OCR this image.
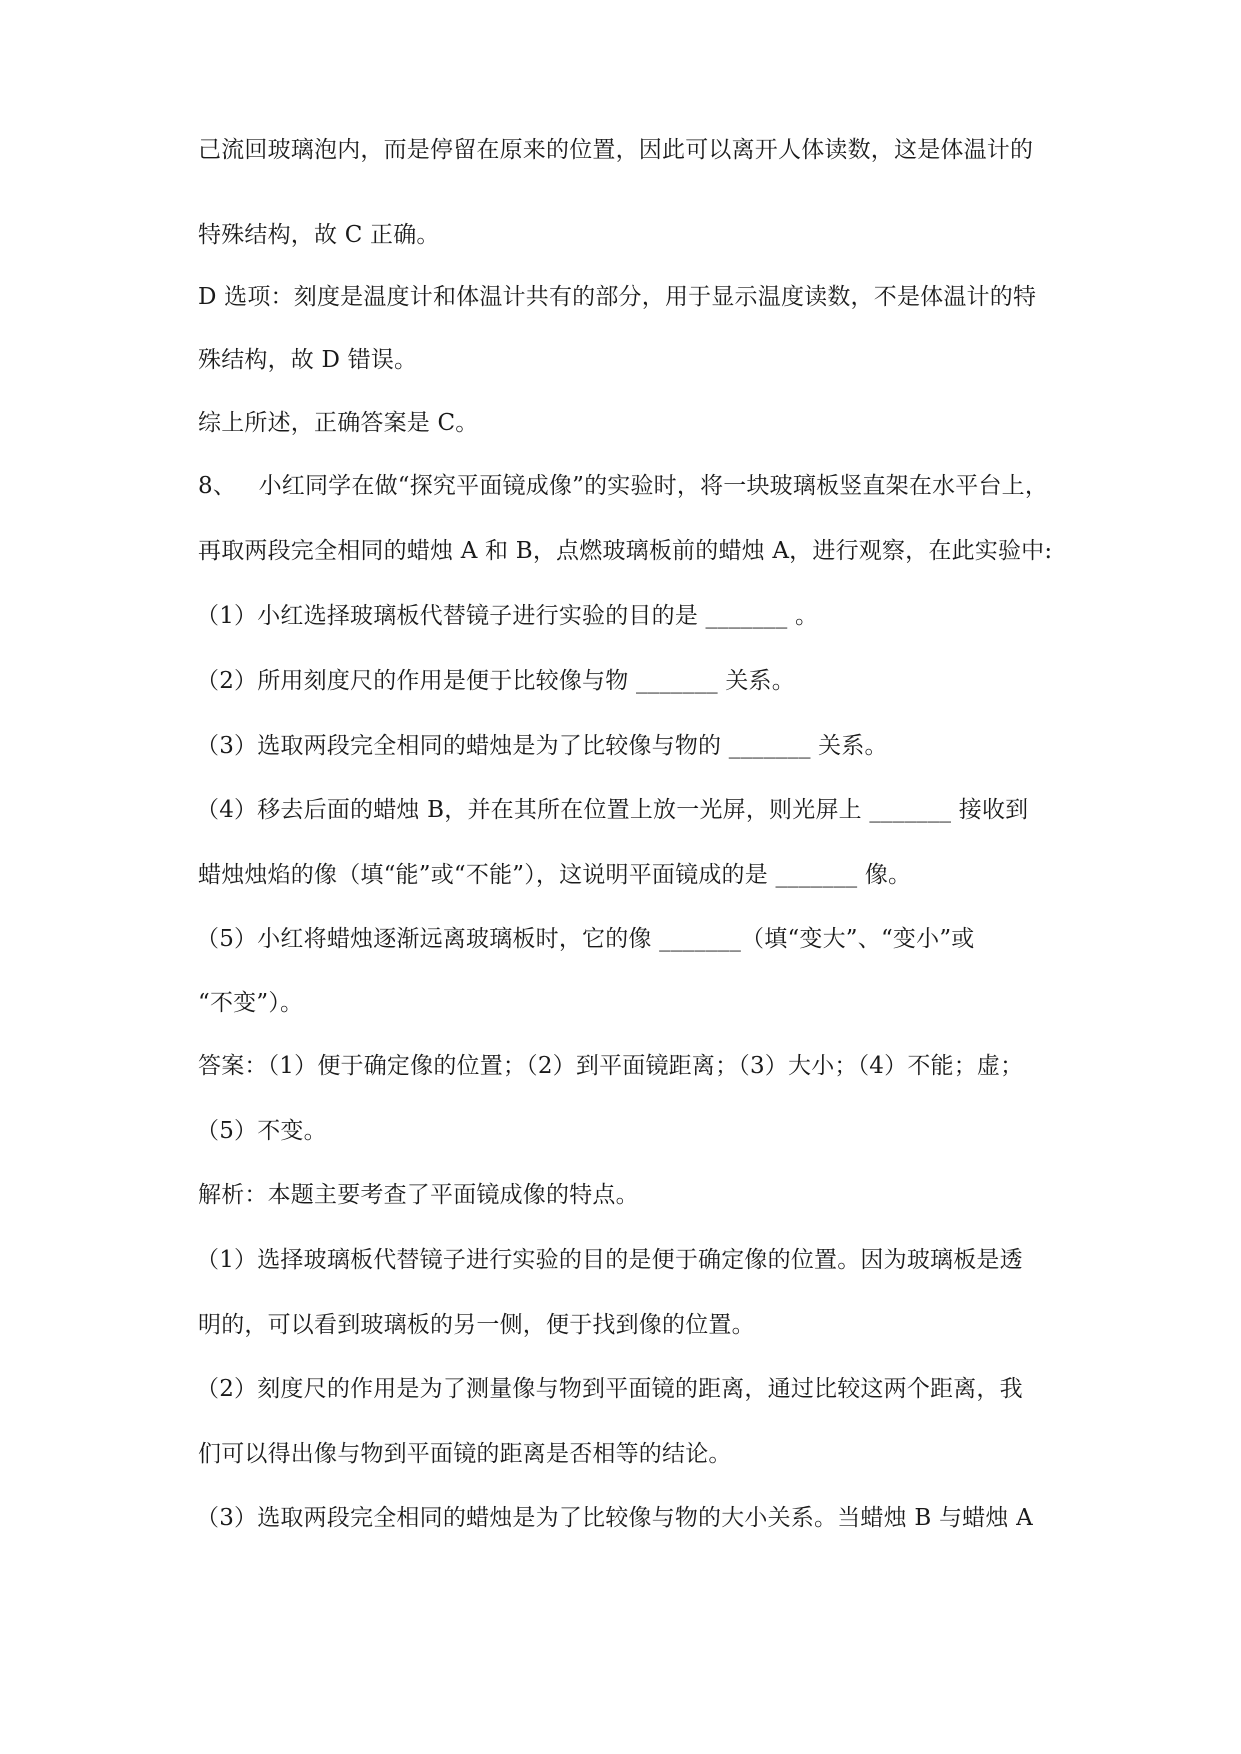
己流回玻璃泡内，而是停留在原来的位置，因此可以离开人体读数，这是体温计的
特殊结构，故 C 正确。
D 选项：刻度是温度计和体温计共有的部分，用于显示温度读数，不是体温计的特
殊结构，故 D 错误。
综上所述，正确答案是 C。
8、   小红同学在做“探究平面镜成像”的实验时，将一块玻璃板竖直架在水平台上，
再取两段完全相同的蜡烛 A 和 B，点燃玻璃板前的蜡烛 A，进行观察，在此实验中:
（1）小红选择玻璃板代替镜子进行实验的目的是 _______ 。
（2）所用刻度尺的作用是便于比较像与物 _______ 关系。
（3）选取两段完全相同的蜡烛是为了比较像与物的 _______ 关系。
（4）移去后面的蜡烛 B，并在其所在位置上放一光屏，则光屏上 _______ 接收到
蜡烛烛焰的像（填“能”或“不能”），这说明平面镜成的是 _______ 像。
（5）小红将蜡烛逐渐远离玻璃板时，它的像 _______（填“变大”、“变小”或
“不变”）。
答案：（1）便于确定像的位置；（2）到平面镜距离；（3）大小；（4）不能；虚；
（5）不变。
解析：本题主要考查了平面镜成像的特点。
（1）选择玻璃板代替镜子进行实验的目的是便于确定像的位置。因为玻璃板是透
明的，可以看到玻璃板的另一侧，便于找到像的位置。
（2）刻度尺的作用是为了测量像与物到平面镜的距离，通过比较这两个距离，我
们可以得出像与物到平面镜的距离是否相等的结论。
（3）选取两段完全相同的蜡烛是为了比较像与物的大小关系。当蜡烛 B 与蜡烛 A
